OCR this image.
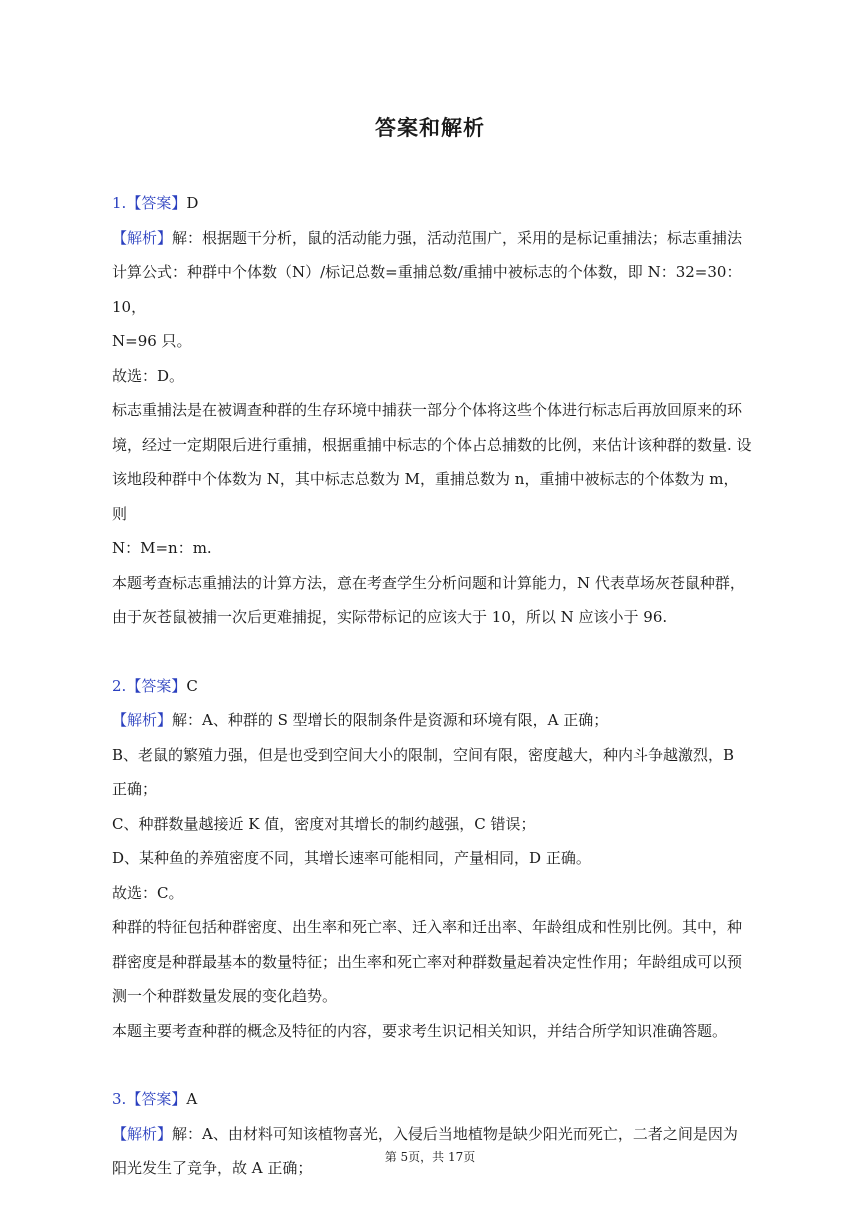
答案和解析

1.【答案】D

【解析】解：根据题干分析，鼠的活动能力强，活动范围广，采用的是标记重捕法；标志重捕法

计算公式：种群中个体数（N）/标记总数=重捕总数/重捕中被标志的个体数，即 N：32=30：10，

N=96 只。

故选：D。

标志重捕法是在被调查种群的生存环境中捕获一部分个体将这些个体进行标志后再放回原来的环

境，经过一定期限后进行重捕，根据重捕中标志的个体占总捕数的比例，来估计该种群的数量. 设

该地段种群中个体数为 N，其中标志总数为 M，重捕总数为 n，重捕中被标志的个体数为 m，则

N：M=n：m.

本题考查标志重捕法的计算方法，意在考查学生分析问题和计算能力，N 代表草场灰苍鼠种群，

由于灰苍鼠被捕一次后更难捕捉，实际带标记的应该大于 10，所以 N 应该小于 96.

2.【答案】C

【解析】解：A、种群的 S 型增长的限制条件是资源和环境有限，A 正确；

B、老鼠的繁殖力强，但是也受到空间大小的限制，空间有限，密度越大，种内斗争越激烈，B

正确；

C、种群数量越接近 K 值，密度对其增长的制约越强，C 错误；

D、某种鱼的养殖密度不同，其增长速率可能相同，产量相同，D 正确。

故选：C。

种群的特征包括种群密度、出生率和死亡率、迁入率和迁出率、年龄组成和性别比例。其中，种

群密度是种群最基本的数量特征；出生率和死亡率对种群数量起着决定性作用；年龄组成可以预

测一个种群数量发展的变化趋势。

本题主要考查种群的概念及特征的内容，要求考生识记相关知识，并结合所学知识准确答题。

3.【答案】A

【解析】解：A、由材料可知该植物喜光，入侵后当地植物是缺少阳光而死亡，二者之间是因为

阳光发生了竞争，故 A 正确；

第 5页，共 17页
